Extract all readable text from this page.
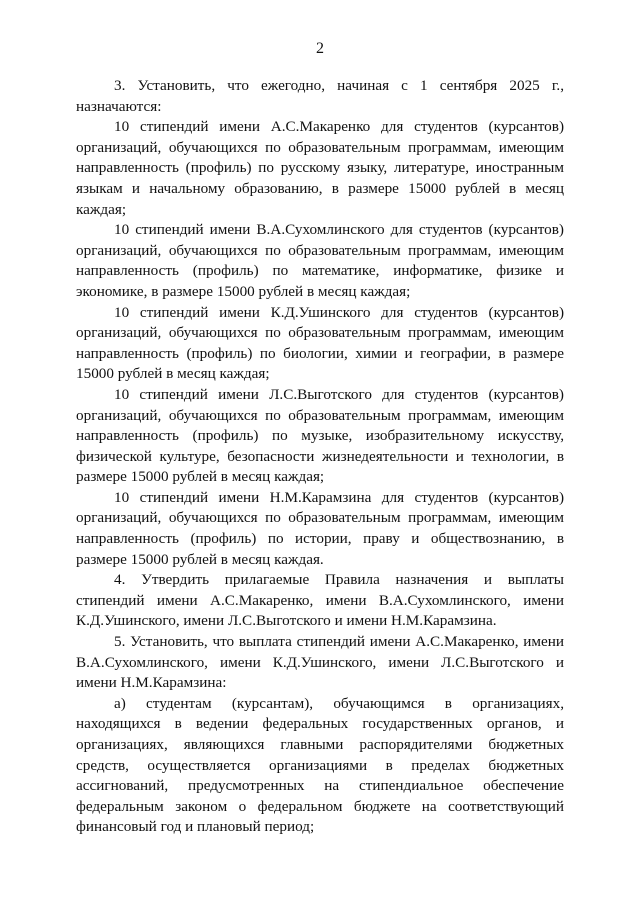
2

3. Установить, что ежегодно, начиная с 1 сентября 2025 г., назначаются:

10 стипендий имени А.С.Макаренко для студентов (курсантов) организаций, обучающихся по образовательным программам, имеющим направленность (профиль) по русскому языку, литературе, иностранным языкам и начальному образованию, в размере 15000 рублей в месяц каждая;

10 стипендий имени В.А.Сухомлинского для студентов (курсантов) организаций, обучающихся по образовательным программам, имеющим направленность (профиль) по математике, информатике, физике и экономике, в размере 15000 рублей в месяц каждая;

10 стипендий имени К.Д.Ушинского для студентов (курсантов) организаций, обучающихся по образовательным программам, имеющим направленность (профиль) по биологии, химии и географии, в размере 15000 рублей в месяц каждая;

10 стипендий имени Л.С.Выготского для студентов (курсантов) организаций, обучающихся по образовательным программам, имеющим направленность (профиль) по музыке, изобразительному искусству, физической культуре, безопасности жизнедеятельности и технологии, в размере 15000 рублей в месяц каждая;

10 стипендий имени Н.М.Карамзина для студентов (курсантов) организаций, обучающихся по образовательным программам, имеющим направленность (профиль) по истории, праву и обществознанию, в размере 15000 рублей в месяц каждая.

4. Утвердить прилагаемые Правила назначения и выплаты стипендий имени А.С.Макаренко, имени В.А.Сухомлинского, имени К.Д.Ушинского, имени Л.С.Выготского и имени Н.М.Карамзина.

5. Установить, что выплата стипендий имени А.С.Макаренко, имени В.А.Сухомлинского, имени К.Д.Ушинского, имени Л.С.Выготского и имени Н.М.Карамзина:

а) студентам (курсантам), обучающимся в организациях, находящихся в ведении федеральных государственных органов, и организациях, являющихся главными распорядителями бюджетных средств, осуществляется организациями в пределах бюджетных ассигнований, предусмотренных на стипендиальное обеспечение федеральным законом о федеральном бюджете на соответствующий финансовый год и плановый период;
